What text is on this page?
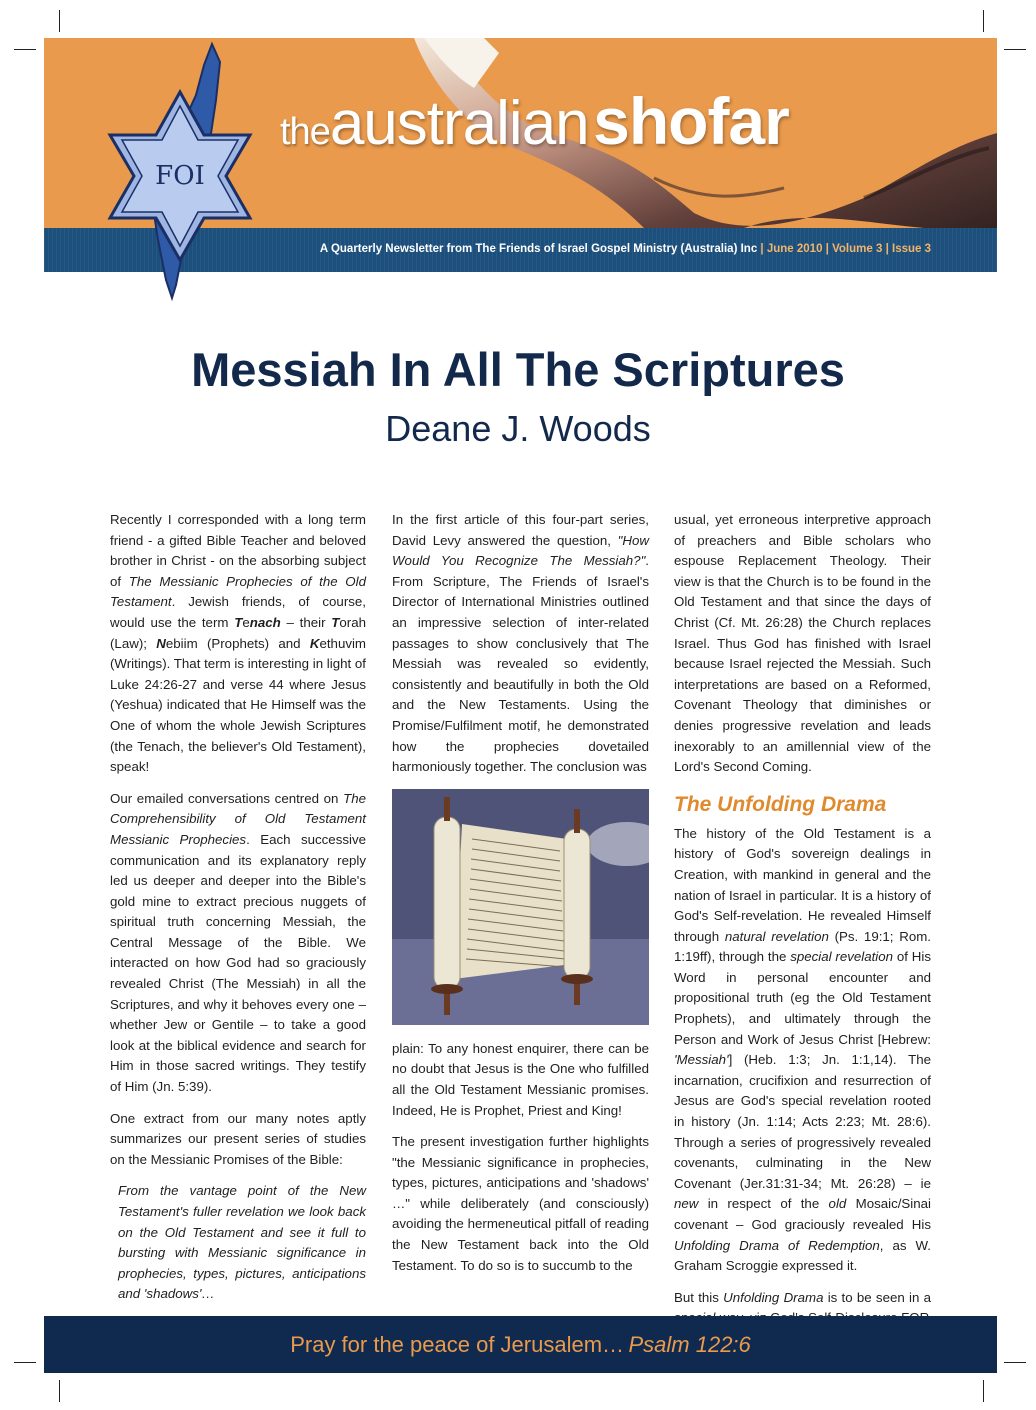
A Quarterly Newsletter from The Friends of Israel Gospel Ministry (Australia) Inc | June 2010 | Volume 3 | Issue 3
theaustralian shofar
FOI
Messiah In All The Scriptures
Deane J. Woods

Recently I corresponded with a long term friend - a gifted Bible Teacher and beloved brother in Christ - on the absorbing subject of The Messianic Prophecies of the Old Testament. Jewish friends, of course, would use the term Tenach – their Torah (Law); Nebiim (Prophets) and Kethuvim (Writings). That term is interesting in light of Luke 24:26-27 and verse 44 where Jesus (Yeshua) indicated that He Himself was the One of whom the whole Jewish Scriptures (the Tenach, the believer's Old Testament), speak!

Our emailed conversations centred on The Comprehensibility of Old Testament Messianic Prophecies. Each successive communication and its explanatory reply led us deeper and deeper into the Bible's gold mine to extract precious nuggets of spiritual truth concerning Messiah, the Central Message of the Bible. We interacted on how God had so graciously revealed Christ (The Messiah) in all the Scriptures, and why it behoves every one – whether Jew or Gentile – to take a good look at the biblical evidence and search for Him in those sacred writings. They testify of Him (Jn. 5:39).

One extract from our many notes aptly summarizes our present series of studies on the Messianic Promises of the Bible:

From the vantage point of the New Testament's fuller revelation we look back on the Old Testament and see it full to bursting with Messianic significance in prophecies, types, pictures, anticipations and 'shadows'…

In the first article of this four-part series, David Levy answered the question, "How Would You Recognize The Messiah?". From Scripture, The Friends of Israel's Director of International Ministries outlined an impressive selection of inter-related passages to show conclusively that The Messiah was revealed so evidently, consistently and beautifully in both the Old and the New Testaments. Using the Promise/Fulfilment motif, he demonstrated how the prophecies dovetailed harmoniously together. The conclusion was

plain: To any honest enquirer, there can be no doubt that Jesus is the One who fulfilled all the Old Testament Messianic promises. Indeed, He is Prophet, Priest and King!

The present investigation further highlights "the Messianic significance in prophecies, types, pictures, anticipations and 'shadows' …" while deliberately (and consciously) avoiding the hermeneutical pitfall of reading the New Testament back into the Old Testament. To do so is to succumb to the

usual, yet erroneous interpretive approach of preachers and Bible scholars who espouse Replacement Theology. Their view is that the Church is to be found in the Old Testament and that since the days of Christ (Cf. Mt. 26:28) the Church replaces Israel. Thus God has finished with Israel because Israel rejected the Messiah. Such interpretations are based on a Reformed, Covenant Theology that diminishes or denies progressive revelation and leads inexorably to an amillennial view of the Lord's Second Coming.

The Unfolding Drama

The history of the Old Testament is a history of God's sovereign dealings in Creation, with mankind in general and the nation of Israel in particular. It is a history of God's Self-revelation. He revealed Himself through natural revelation (Ps. 19:1; Rom. 1:19ff), through the special revelation of His Word in personal encounter and propositional truth (eg the Old Testament Prophets), and ultimately through the Person and Work of Jesus Christ [Hebrew: 'Messiah'] (Heb. 1:3; Jn. 1:1,14). The incarnation, crucifixion and resurrection of Jesus are God's special revelation rooted in history (Jn. 1:14; Acts 2:23; Mt. 28:6). Through a series of progressively revealed covenants, culminating in the New Covenant (Jer.31:31-34; Mt. 26:28) – ie new in respect of the old Mosaic/Sinai covenant – God graciously revealed His Unfolding Drama of Redemption, as W. Graham Scroggie expressed it.

But this Unfolding Drama is to be seen in a

Pray for the peace of Jerusalem… Psalm 122:6
